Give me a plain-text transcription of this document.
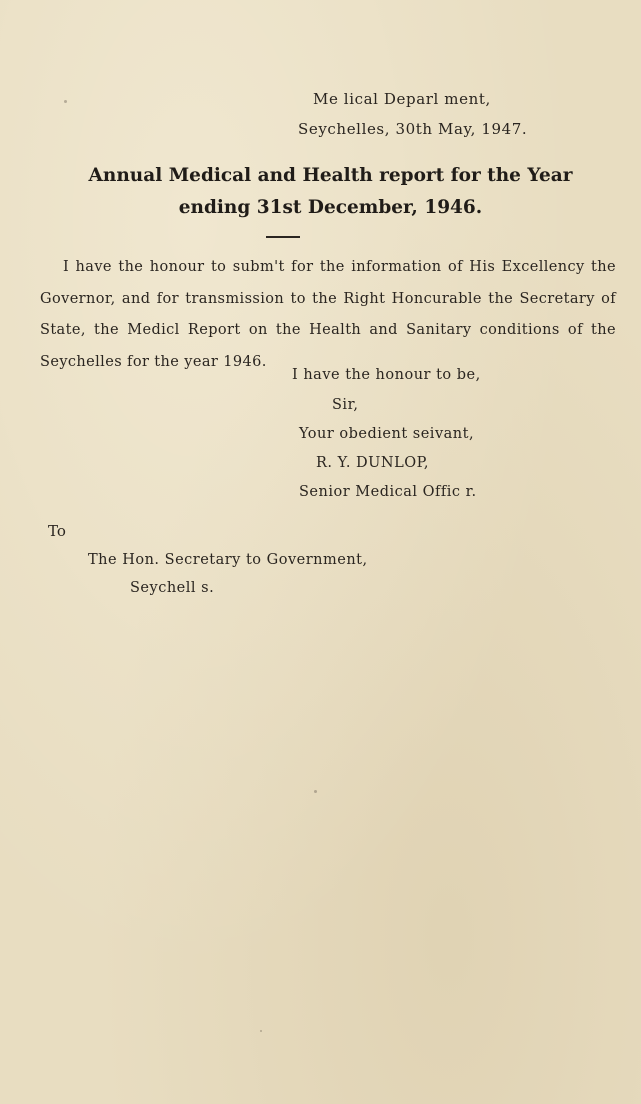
Me lical Deparl ment,
Seychelles, 30th May, 1947.
Annual Medical and Health report for the Year
ending 31st December, 1946.
I have the honour to subm't for the information of His Excellency the Governor, and for transmission to the Right Honcurable the Secretary of State, the Medicl Report on the Health and Sanitary conditions of the Seychelles for the year 1946.
I have the honour to be,
Sir,
Your obedient seivant,
R. Y. DUNLOP,
Senior Medical Offic r.
To
The Hon. Secretary to Government,
Seychell s.
